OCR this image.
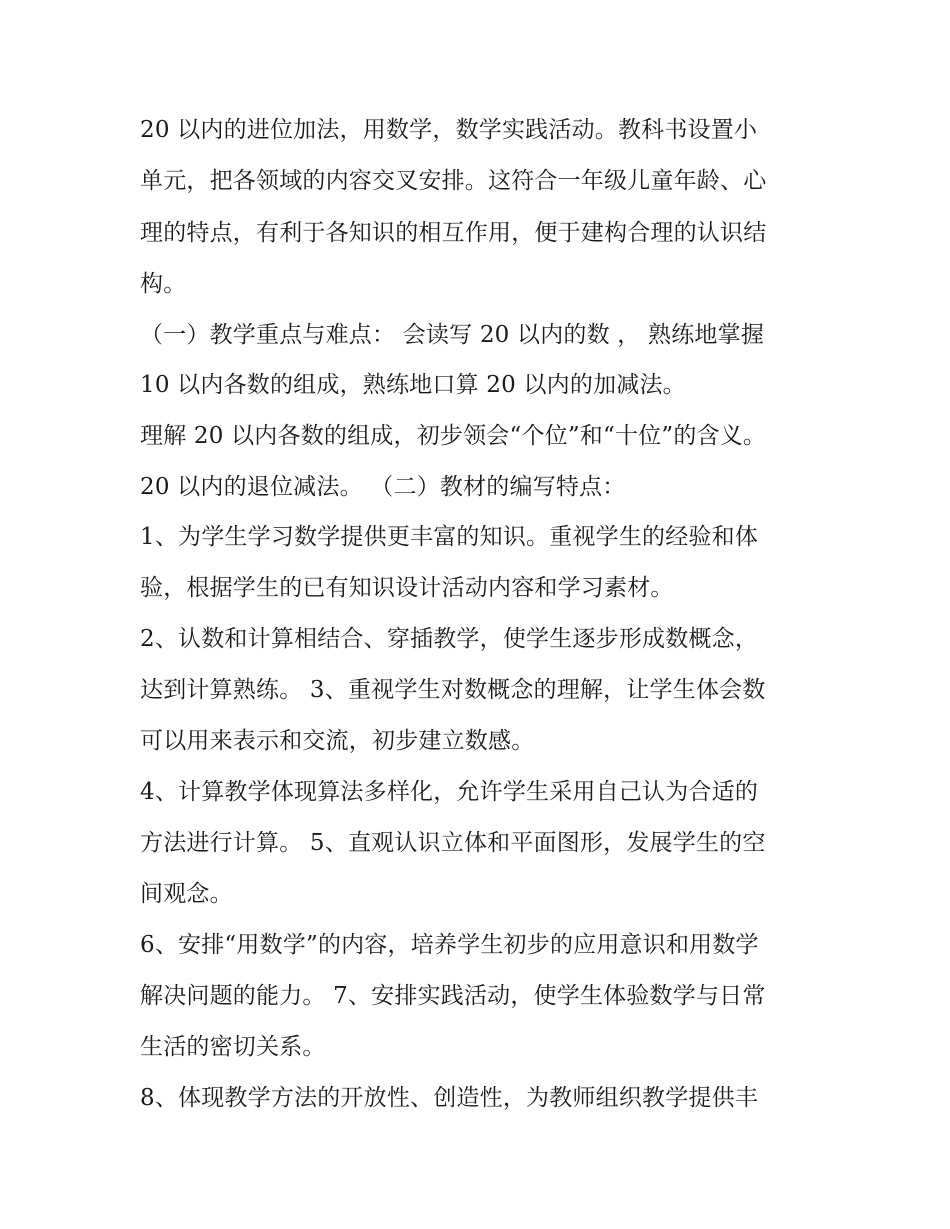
20 以内的进位加法，用数学，数学实践活动。教科书设置小
单元，把各领域的内容交叉安排。这符合一年级儿童年龄、心
理的特点，有利于各知识的相互作用，便于建构合理的认识结
构。
（一）教学重点与难点： 会读写 20 以内的数 ， 熟练地掌握
10 以内各数的组成，熟练地口算 20 以内的加减法。
理解 20 以内各数的组成，初步领会“个位”和“十位”的含义。
20 以内的退位减法。 （二）教材的编写特点：
1、为学生学习数学提供更丰富的知识。重视学生的经验和体
验，根据学生的已有知识设计活动内容和学习素材。
2、认数和计算相结合、穿插教学，使学生逐步形成数概念，
达到计算熟练。 3、重视学生对数概念的理解，让学生体会数
可以用来表示和交流，初步建立数感。
4、计算教学体现算法多样化，允许学生采用自己认为合适的
方法进行计算。 5、直观认识立体和平面图形，发展学生的空
间观念。
6、安排“用数学”的内容，培养学生初步的应用意识和用数学
解决问题的能力。 7、安排实践活动，使学生体验数学与日常
生活的密切关系。
8、体现教学方法的开放性、创造性，为教师组织教学提供丰
